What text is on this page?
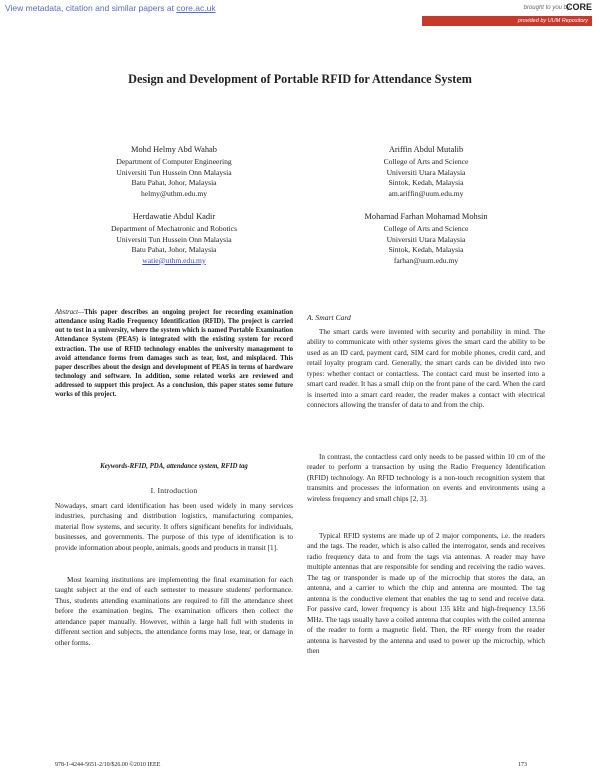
View metadata, citation and similar papers at core.ac.uk	brought to you by
CORE
provided by UUM Repository
Design and Development of Portable RFID for Attendance System
Mohd Helmy Abd Wahab
Department of Computer Engineering
Universiti Tun Hussein Onn Malaysia
Batu Pahat, Johor, Malaysia
helmy@uthm.edu.my
Herdawatie Abdul Kadir
Department of Mechatronic and Robotics
Universiti Tun Hussein Onn Malaysia
Batu Pahat, Johor, Malaysia
watie@uthm.edu.my
Ariffin Abdul Mutalib
College of Arts and Science
Universiti Utara Malaysia
Sintok, Kedah, Malaysia
am.ariffin@uum.edu.my
Mohamad Farhan Mohamad Mohsin
College of Arts and Science
Universiti Utara Malaysia
Sintok, Kedah, Malaysia
farhan@uum.edu.my
Abstract—This paper describes an ongoing project for recording examination attendance using Radio Frequency Identification (RFID). The project is carried out to test in a university, where the system which is named Portable Examination Attendance System (PEAS) is integrated with the existing system for record extraction. The use of RFID technology enables the university management to avoid attendance forms from damages such as tear, lost, and misplaced. This paper describes about the design and development of PEAS in terms of hardware technology and software. In addition, some related works are reviewed and addressed to support this project. As a conclusion, this paper states some future works of this project.
Keywords-RFID, PDA, attendance system, RFID tag
I. Introduction

Nowadays, smart card identification has been used widely in many services industries, purchasing and distribution logistics, manufacturing companies, material flow systems, and security. It offers significant benefits for individuals, businesses, and governments. The purpose of this type of identification is to provide information about people, animals, goods and products in transit [1].

Most learning institutions are implementing the final examination for each taught subject at the end of each semester to measure students' performance. Thus, students attending examinations are required to fill the attendance sheet before the examination begins. The examination officers then collect the attendance paper manually. However, within a large hall full with students in different section and subjects, the attendance forms may lose, tear, or damage in other forms.

A. Smart Card

The smart cards were invented with security and portability in mind. The ability to communicate with other systems gives the smart card the ability to be used as an ID card, payment card, SIM card for mobile phones, credit card, and retail loyalty program card. Generally, the smart cards can be divided into two types: whether contact or contactless. The contact card must be inserted into a smart card reader. It has a small chip on the front pane of the card. When the card is inserted into a smart card reader, the reader makes a contact with electrical connectors allowing the transfer of data to and from the chip.

In contrast, the contactless card only needs to be passed within 10 cm of the reader to perform a transaction by using the Radio Frequency Identification (RFID) technology. An RFID technology is a non-touch recognition system that transmits and processes the information on events and environments using a wireless frequency and small chips [2, 3].

Typical RFID systems are made up of 2 major components, i.e. the readers and the tags. The reader, which is also called the interrogator, sends and receives radio frequency data to and from the tags via antennas. A reader may have multiple antennas that are responsible for sending and receiving the radio waves. The tag or transponder is made up of the microchip that stores the data, an antenna, and a carrier to which the chip and antenna are mounted. The tag antenna is the conductive element that enables the tag to send and receive data. For passive card, lower frequency is about 135 kHz and high-frequency 13.56 MHz. The tags usually have a coiled antenna that couples with the coiled antenna of the reader to form a magnetic field. Then, the RF energy from the reader antenna is harvested by the antenna and used to power up the microchip, which then

978-1-4244-5651-2/10/$26.00 ©2010 IEEE	173
